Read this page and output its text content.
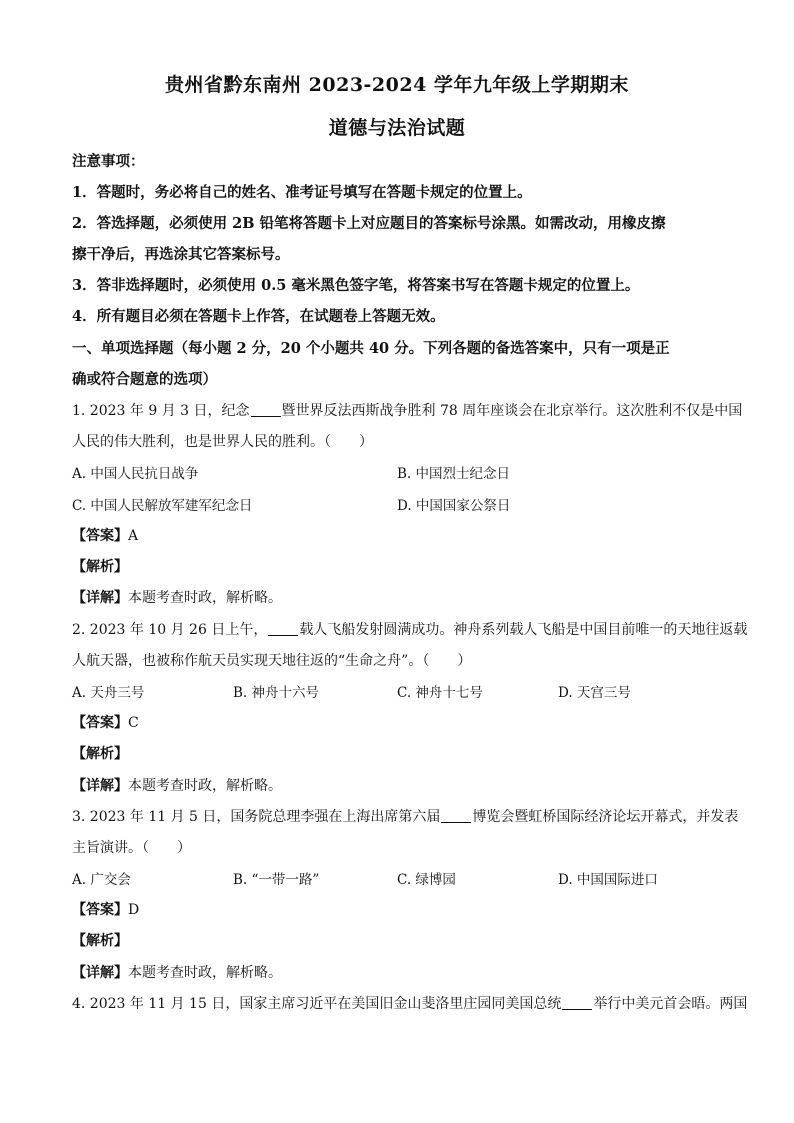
贵州省黔东南州 2023-2024 学年九年级上学期期末
道德与法治试题
注意事项：
1．答题时，务必将自己的姓名、准考证号填写在答题卡规定的位置上。
2．答选择题，必须使用 2B 铅笔将答题卡上对应题目的答案标号涂黑。如需改动，用橡皮擦
擦干净后，再选涂其它答案标号。
3．答非选择题时，必须使用 0.5 毫米黑色签字笔，将答案书写在答题卡规定的位置上。
4．所有题目必须在答题卡上作答，在试题卷上答题无效。
一、单项选择题（每小题 2 分，20 个小题共 40 分。下列各题的备选答案中，只有一项是正
确或符合题意的选项）
1. 2023 年 9 月 3 日，纪念 暨世界反法西斯战争胜利 78 周年座谈会在北京举行。这次胜利不仅是中国
人民的伟大胜利，也是世界人民的胜利。（　　）
A. 中国人民抗日战争	B. 中国烈士纪念日
C. 中国人民解放军建军纪念日	D. 中国国家公祭日
【答案】A
【解析】
【详解】本题考查时政，解析略。
2. 2023 年 10 月 26 日上午， 载人飞船发射圆满成功。神舟系列载人飞船是中国目前唯一的天地往返载
人航天器，也被称作航天员实现天地往返的“生命之舟”。（　　）
A. 天舟三号	B. 神舟十六号	C. 神舟十七号	D. 天宫三号
【答案】C
【解析】
【详解】本题考查时政，解析略。
3. 2023 年 11 月 5 日，国务院总理李强在上海出席第六届 博览会暨虹桥国际经济论坛开幕式，并发表
主旨演讲。（　　）
A. 广交会	B. “一带一路”	C. 绿博园	D. 中国国际进口
【答案】D
【解析】
【详解】本题考查时政，解析略。
4. 2023 年 11 月 15 日，国家主席习近平在美国旧金山斐洛里庄园同美国总统 举行中美元首会晤。两国
